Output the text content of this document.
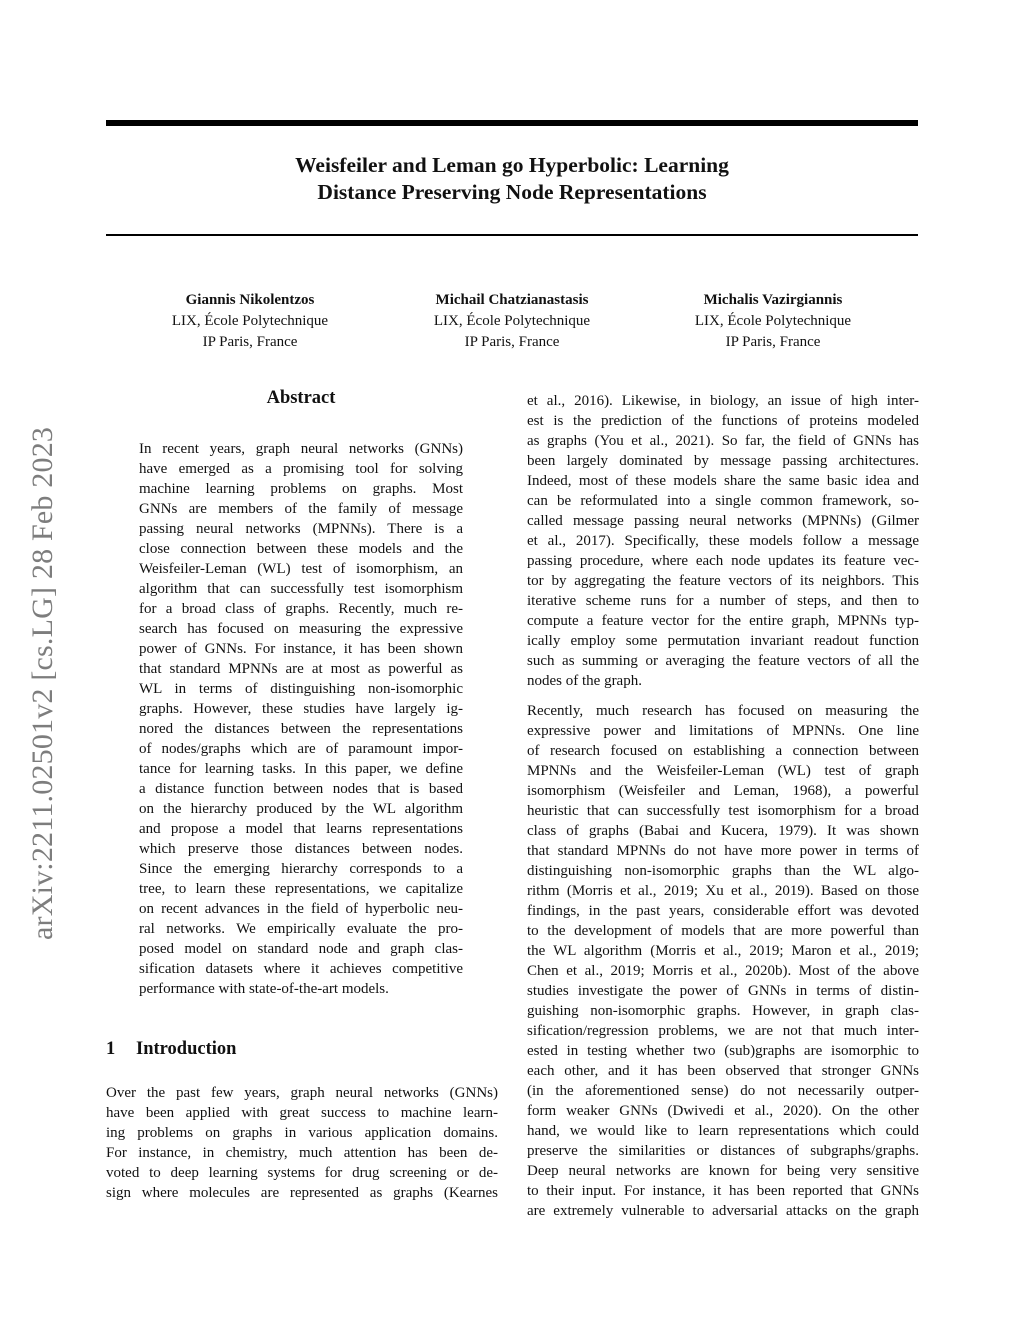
Weisfeiler and Leman go Hyperbolic: Learning
Distance Preserving Node Representations
Giannis Nikolentzos
LIX, École Polytechnique
IP Paris, France
Michail Chatzianastasis
LIX, École Polytechnique
IP Paris, France
Michalis Vazirgiannis
LIX, École Polytechnique
IP Paris, France
arXiv:2211.02501v2 [cs.LG] 28 Feb 2023
Abstract
In recent years, graph neural networks (GNNs)
have emerged as a promising tool for solving
machine learning problems on graphs. Most
GNNs are members of the family of message
passing neural networks (MPNNs). There is a
close connection between these models and the
Weisfeiler-Leman (WL) test of isomorphism, an
algorithm that can successfully test isomorphism
for a broad class of graphs. Recently, much re-
search has focused on measuring the expressive
power of GNNs. For instance, it has been shown
that standard MPNNs are at most as powerful as
WL in terms of distinguishing non-isomorphic
graphs. However, these studies have largely ig-
nored the distances between the representations
of nodes/graphs which are of paramount impor-
tance for learning tasks. In this paper, we define
a distance function between nodes that is based
on the hierarchy produced by the WL algorithm
and propose a model that learns representations
which preserve those distances between nodes.
Since the emerging hierarchy corresponds to a
tree, to learn these representations, we capitalize
on recent advances in the field of hyperbolic neu-
ral networks. We empirically evaluate the pro-
posed model on standard node and graph clas-
sification datasets where it achieves competitive
performance with state-of-the-art models.
1 Introduction
Over the past few years, graph neural networks (GNNs)
have been applied with great success to machine learn-
ing problems on graphs in various application domains.
For instance, in chemistry, much attention has been de-
voted to deep learning systems for drug screening or de-
sign where molecules are represented as graphs (Kearnes
et al., 2016). Likewise, in biology, an issue of high inter-
est is the prediction of the functions of proteins modeled
as graphs (You et al., 2021). So far, the field of GNNs has
been largely dominated by message passing architectures.
Indeed, most of these models share the same basic idea and
can be reformulated into a single common framework, so-
called message passing neural networks (MPNNs) (Gilmer
et al., 2017). Specifically, these models follow a message
passing procedure, where each node updates its feature vec-
tor by aggregating the feature vectors of its neighbors. This
iterative scheme runs for a number of steps, and then to
compute a feature vector for the entire graph, MPNNs typ-
ically employ some permutation invariant readout function
such as summing or averaging the feature vectors of all the
nodes of the graph.
Recently, much research has focused on measuring the
expressive power and limitations of MPNNs. One line
of research focused on establishing a connection between
MPNNs and the Weisfeiler-Leman (WL) test of graph
isomorphism (Weisfeiler and Leman, 1968), a powerful
heuristic that can successfully test isomorphism for a broad
class of graphs (Babai and Kucera, 1979). It was shown
that standard MPNNs do not have more power in terms of
distinguishing non-isomorphic graphs than the WL algo-
rithm (Morris et al., 2019; Xu et al., 2019). Based on those
findings, in the past years, considerable effort was devoted
to the development of models that are more powerful than
the WL algorithm (Morris et al., 2019; Maron et al., 2019;
Chen et al., 2019; Morris et al., 2020b). Most of the above
studies investigate the power of GNNs in terms of distin-
guishing non-isomorphic graphs. However, in graph clas-
sification/regression problems, we are not that much inter-
ested in testing whether two (sub)graphs are isomorphic to
each other, and it has been observed that stronger GNNs
(in the aforementioned sense) do not necessarily outper-
form weaker GNNs (Dwivedi et al., 2020). On the other
hand, we would like to learn representations which could
preserve the similarities or distances of subgraphs/graphs.
Deep neural networks are known for being very sensitive
to their input. For instance, it has been reported that GNNs
are extremely vulnerable to adversarial attacks on the graph
